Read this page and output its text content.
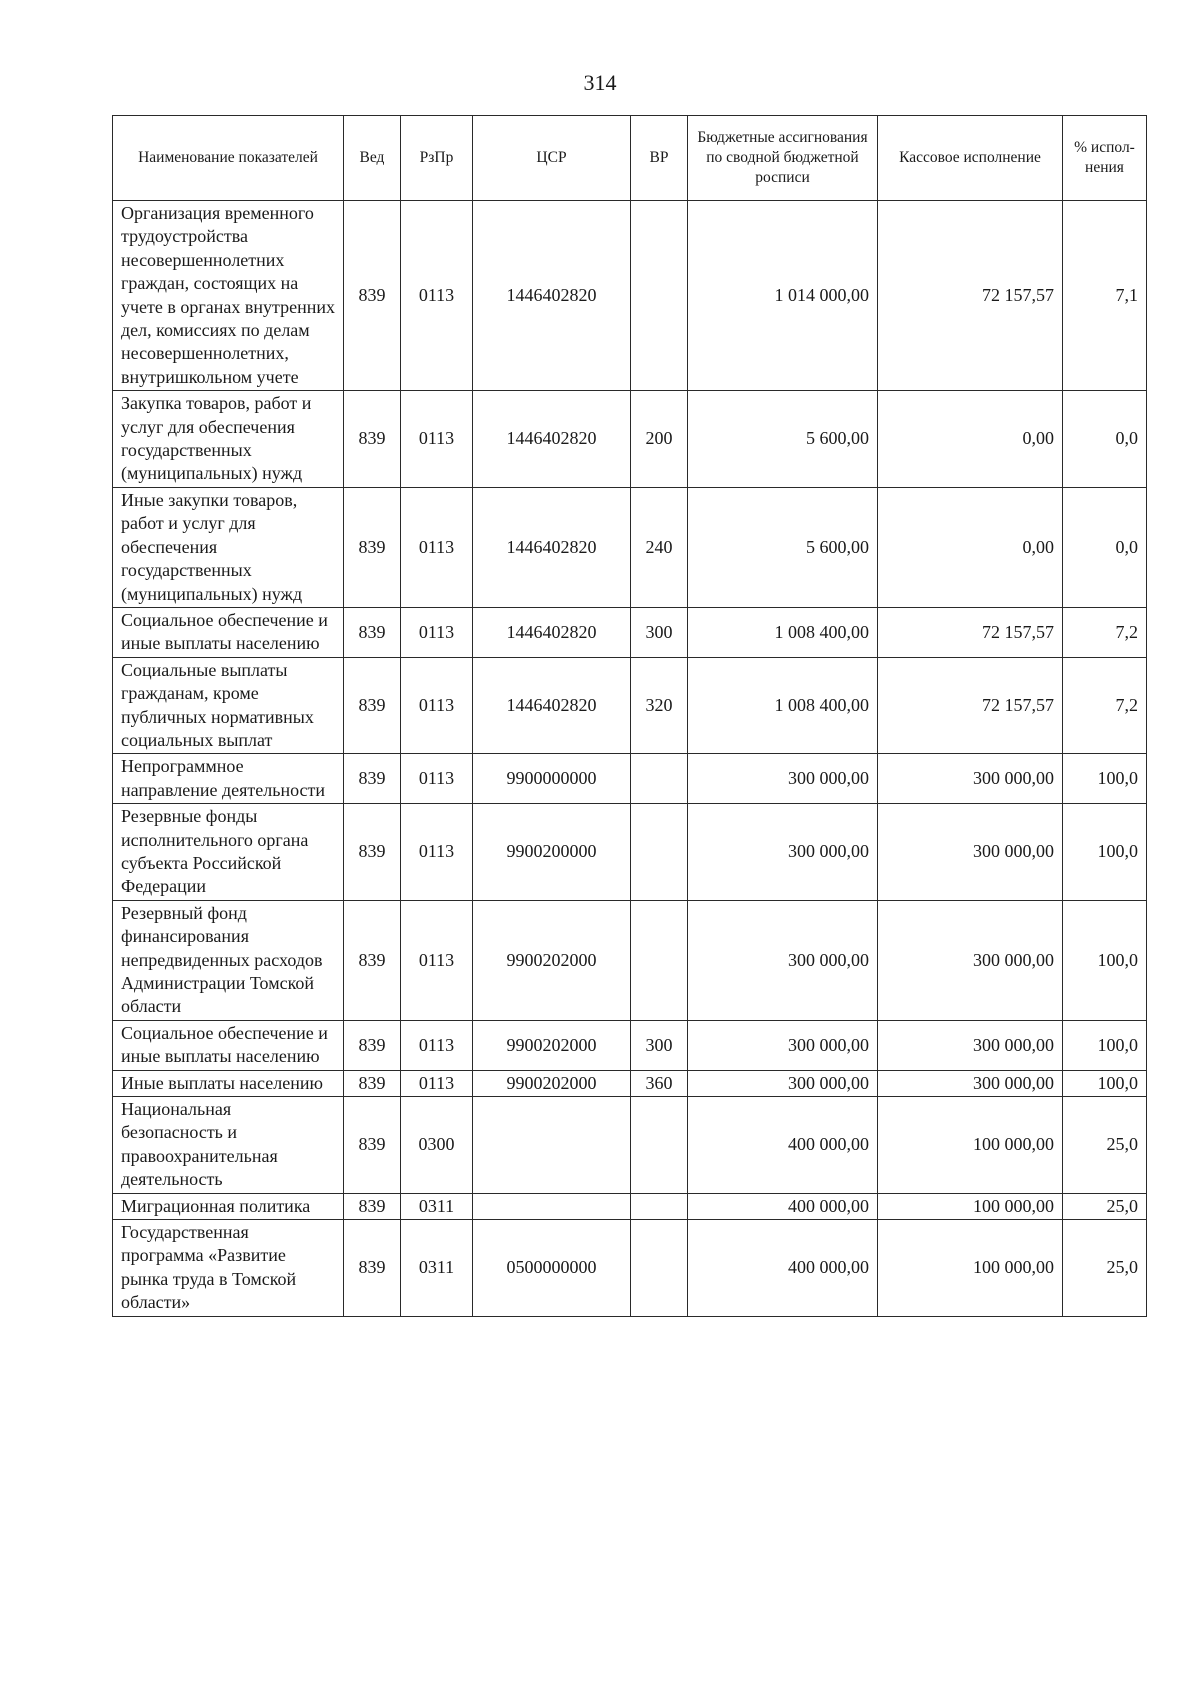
314
Наименование показателей	Вед	РзПр	ЦСР	ВР	Бюджетные ассигнования по сводной бюджетной росписи	Кассовое исполнение	% испол-нения
Организация временного трудоустройства несовершеннолетних граждан, состоящих на учете в органах внутренних дел, комиссиях по делам несовершеннолетних, внутришкольном учете	839	0113	1446402820		1 014 000,00	72 157,57	7,1
Закупка товаров, работ и услуг для обеспечения государственных (муниципальных) нужд	839	0113	1446402820	200	5 600,00	0,00	0,0
Иные закупки товаров, работ и услуг для обеспечения государственных (муниципальных) нужд	839	0113	1446402820	240	5 600,00	0,00	0,0
Социальное обеспечение и иные выплаты населению	839	0113	1446402820	300	1 008 400,00	72 157,57	7,2
Социальные выплаты гражданам, кроме публичных нормативных социальных выплат	839	0113	1446402820	320	1 008 400,00	72 157,57	7,2
Непрограммное направление деятельности	839	0113	9900000000		300 000,00	300 000,00	100,0
Резервные фонды исполнительного органа субъекта Российской Федерации	839	0113	9900200000		300 000,00	300 000,00	100,0
Резервный фонд финансирования непредвиденных расходов Администрации Томской области	839	0113	9900202000		300 000,00	300 000,00	100,0
Социальное обеспечение и иные выплаты населению	839	0113	9900202000	300	300 000,00	300 000,00	100,0
Иные выплаты населению	839	0113	9900202000	360	300 000,00	300 000,00	100,0
Национальная безопасность и правоохранительная деятельность	839	0300			400 000,00	100 000,00	25,0
Миграционная политика	839	0311			400 000,00	100 000,00	25,0
Государственная программа «Развитие рынка труда в Томской области»	839	0311	0500000000		400 000,00	100 000,00	25,0
